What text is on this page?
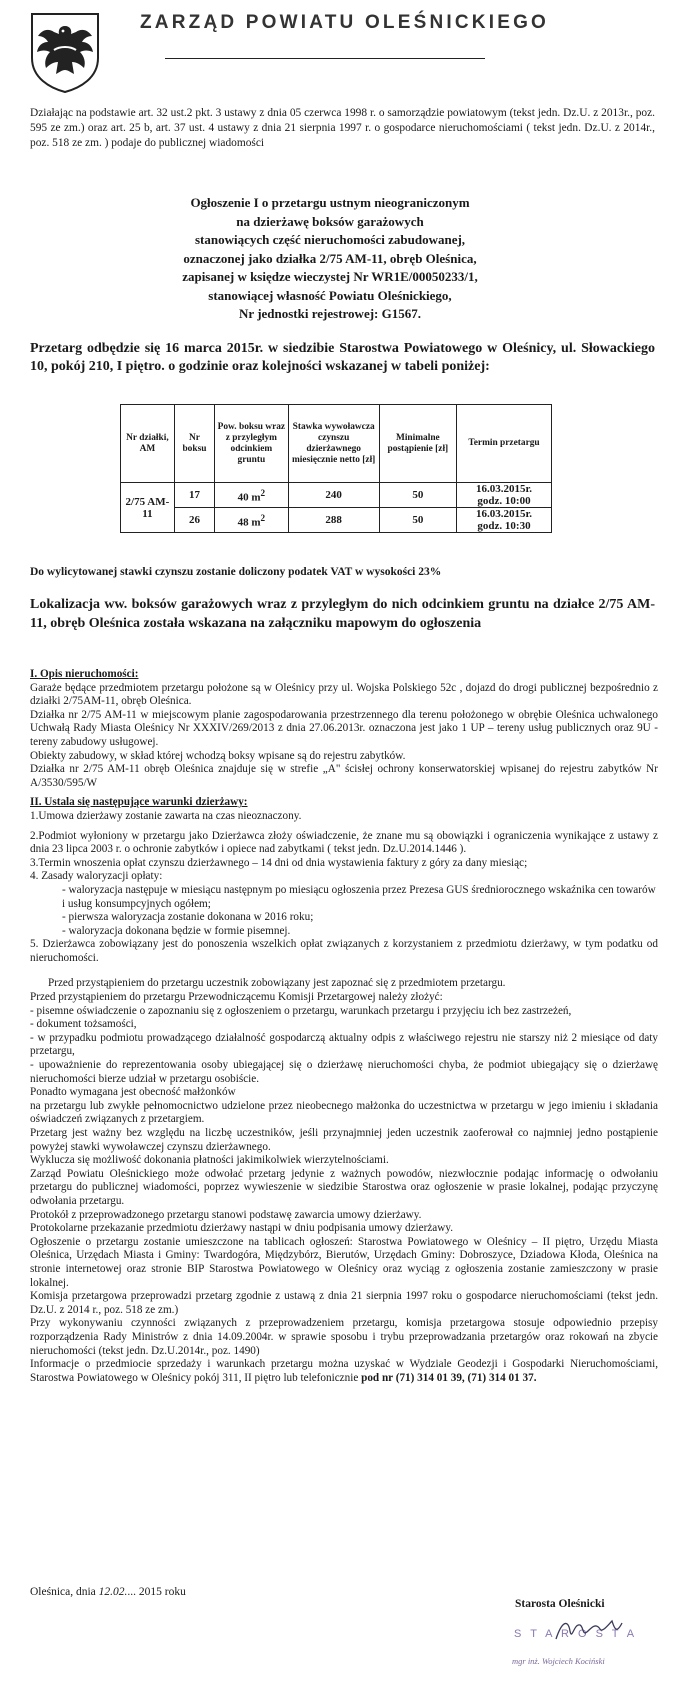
ZARZĄD POWIATU OLEŚNICKIEGO
Działając na podstawie art. 32 ust.2 pkt. 3 ustawy z dnia 05 czerwca 1998 r. o samorządzie powiatowym (tekst jedn. Dz.U. z 2013r., poz. 595 ze zm.) oraz art. 25 b, art. 37 ust. 4 ustawy z dnia 21 sierpnia 1997 r. o gospodarce nieruchomościami ( tekst jedn. Dz.U. z 2014r., poz. 518 ze zm. ) podaje do publicznej wiadomości
Ogłoszenie I o przetargu ustnym nieograniczonym
na dzierżawę boksów garażowych
stanowiących część nieruchomości zabudowanej,
oznaczonej jako działka 2/75 AM-11, obręb Oleśnica,
zapisanej w księdze wieczystej Nr WR1E/00050233/1,
stanowiącej własność Powiatu Oleśnickiego,
Nr jednostki rejestrowej: G1567.
Przetarg odbędzie się 16 marca 2015r. w siedzibie Starostwa Powiatowego w Oleśnicy, ul. Słowackiego 10, pokój 210, I piętro. o godzinie oraz kolejności wskazanej w tabeli poniżej:
Nr działki, AM	Nr boksu	Pow. boksu wraz z przyległym odcinkiem gruntu	Stawka wywoławcza czynszu dzierżawnego miesięcznie netto [zł]	Minimalne postąpienie [zł]	Termin przetargu
2/75 AM-11	17	40 $m^2$	240	50	16.03.2015r.
godz. 10:00

	26	48 $m^2$	288	50	16.03.2015r.
godz. 10:30
Do wylicytowanej stawki czynszu zostanie doliczony podatek VAT w wysokości 23%
Lokalizacja ww. boksów garażowych wraz z przyległym do nich odcinkiem gruntu na działce 2/75 AM-11, obręb Oleśnica została wskazana na załączniku mapowym do ogłoszenia

I. Opis nieruchomości:

Garaże będące przedmiotem przetargu położone są w Oleśnicy przy ul. Wojska Polskiego 52c , dojazd do drogi publicznej bezpośrednio z działki 2/75AM-11, obręb Oleśnica.

Działka nr 2/75 AM-11 w miejscowym planie zagospodarowania przestrzennego dla terenu położonego w obrębie Oleśnica uchwalonego Uchwałą Rady Miasta Oleśnicy Nr XXXIV/269/2013 z dnia 27.06.2013r. oznaczona jest jako 1 UP – tereny usług publicznych oraz 9U - tereny zabudowy usługowej.

Obiekty zabudowy, w skład której wchodzą boksy wpisane są do rejestru zabytków.

Działka nr 2/75 AM-11 obręb Oleśnica znajduje się w strefie „A" ścisłej ochrony konserwatorskiej wpisanej do rejestru zabytków Nr A/3530/595/W

II. Ustala się następujące warunki dzierżawy:

1.Umowa dzierżawy zostanie zawarta na czas nieoznaczony.

2.Podmiot wyłoniony w przetargu jako Dzierżawca złoży oświadczenie, że znane mu są obowiązki i ograniczenia wynikające z ustawy z dnia 23 lipca 2003 r. o ochronie zabytków i opiece nad zabytkami ( tekst jedn. Dz.U.2014.1446 ).

3.Termin wnoszenia opłat czynszu dzierżawnego – 14 dni od dnia wystawienia faktury z góry za dany miesiąc;

4. Zasady waloryzacji opłaty:

- waloryzacja następuje w miesiącu następnym po miesiącu ogłoszenia przez Prezesa GUS średniorocznego wskaźnika cen towarów i usług konsumpcyjnych ogółem;

- pierwsza waloryzacja zostanie dokonana w 2016 roku;

- waloryzacja dokonana będzie w formie pisemnej.

5. Dzierżawca zobowiązany jest do ponoszenia wszelkich opłat związanych z korzystaniem z przedmiotu dzierżawy, w tym podatku od nieruchomości.

Przed przystąpieniem do przetargu uczestnik zobowiązany jest zapoznać się z przedmiotem przetargu.

Przed przystąpieniem do przetargu Przewodniczącemu Komisji Przetargowej należy złożyć:

- pisemne oświadczenie o zapoznaniu się z ogłoszeniem o przetargu, warunkach przetargu i przyjęciu ich bez zastrzeżeń,

- dokument tożsamości,

- w przypadku podmiotu prowadzącego działalność gospodarczą aktualny odpis z właściwego rejestru nie starszy niż 2 miesiące od daty przetargu,

- upoważnienie do reprezentowania osoby ubiegającej się o dzierżawę nieruchomości chyba, że podmiot ubiegający się o dzierżawę nieruchomości bierze udział w przetargu osobiście.

Ponadto wymagana jest obecność małżonków

na przetargu lub zwykłe pełnomocnictwo udzielone przez nieobecnego małżonka do uczestnictwa w przetargu w jego imieniu i składania oświadczeń związanych z przetargiem.

Przetarg jest ważny bez względu na liczbę uczestników, jeśli przynajmniej jeden uczestnik zaoferował co najmniej jedno postąpienie powyżej stawki wywoławczej czynszu dzierżawnego.

Wyklucza się możliwość dokonania płatności jakimikolwiek wierzytelnościami.

Zarząd Powiatu Oleśnickiego może odwołać przetarg jedynie z ważnych powodów, niezwłocznie podając informację o odwołaniu przetargu do publicznej wiadomości, poprzez wywieszenie w siedzibie Starostwa oraz ogłoszenie w prasie lokalnej, podając przyczynę odwołania przetargu.

Protokół z przeprowadzonego przetargu stanowi podstawę zawarcia umowy dzierżawy.

Protokolarne przekazanie przedmiotu dzierżawy nastąpi w dniu podpisania umowy dzierżawy.

Ogłoszenie o przetargu zostanie umieszczone na tablicach ogłoszeń: Starostwa Powiatowego w Oleśnicy – II piętro, Urzędu Miasta Oleśnica, Urzędach Miasta i Gminy: Twardogóra, Międzybórz, Bierutów, Urzędach Gminy: Dobroszyce, Dziadowa Kłoda, Oleśnica na stronie internetowej oraz stronie BIP Starostwa Powiatowego w Oleśnicy oraz wyciąg z ogłoszenia zostanie zamieszczony w prasie lokalnej.

Komisja przetargowa przeprowadzi przetarg zgodnie z ustawą z dnia 21 sierpnia 1997 roku o gospodarce nieruchomościami (tekst jedn. Dz.U. z 2014 r., poz. 518 ze zm.)

Przy wykonywaniu czynności związanych z przeprowadzeniem przetargu, komisja przetargowa stosuje odpowiednio przepisy rozporządzenia Rady Ministrów z dnia 14.09.2004r. w sprawie sposobu i trybu przeprowadzania przetargów oraz rokowań na zbycie nieruchomości (tekst jedn. Dz.U.2014r., poz. 1490)

Informacje o przedmiocie sprzedaży i warunkach przetargu można uzyskać w Wydziale Geodezji i Gospodarki Nieruchomościami, Starostwa Powiatowego w Oleśnicy pokój 311, II piętro lub telefonicznie pod nr (71) 314 01 39, (71) 314 01 37.

Oleśnica, dnia 12.02.... 2015 roku
Starosta Oleśnicki
S T A R O S T A
mgr inż. Wojciech Kociński
